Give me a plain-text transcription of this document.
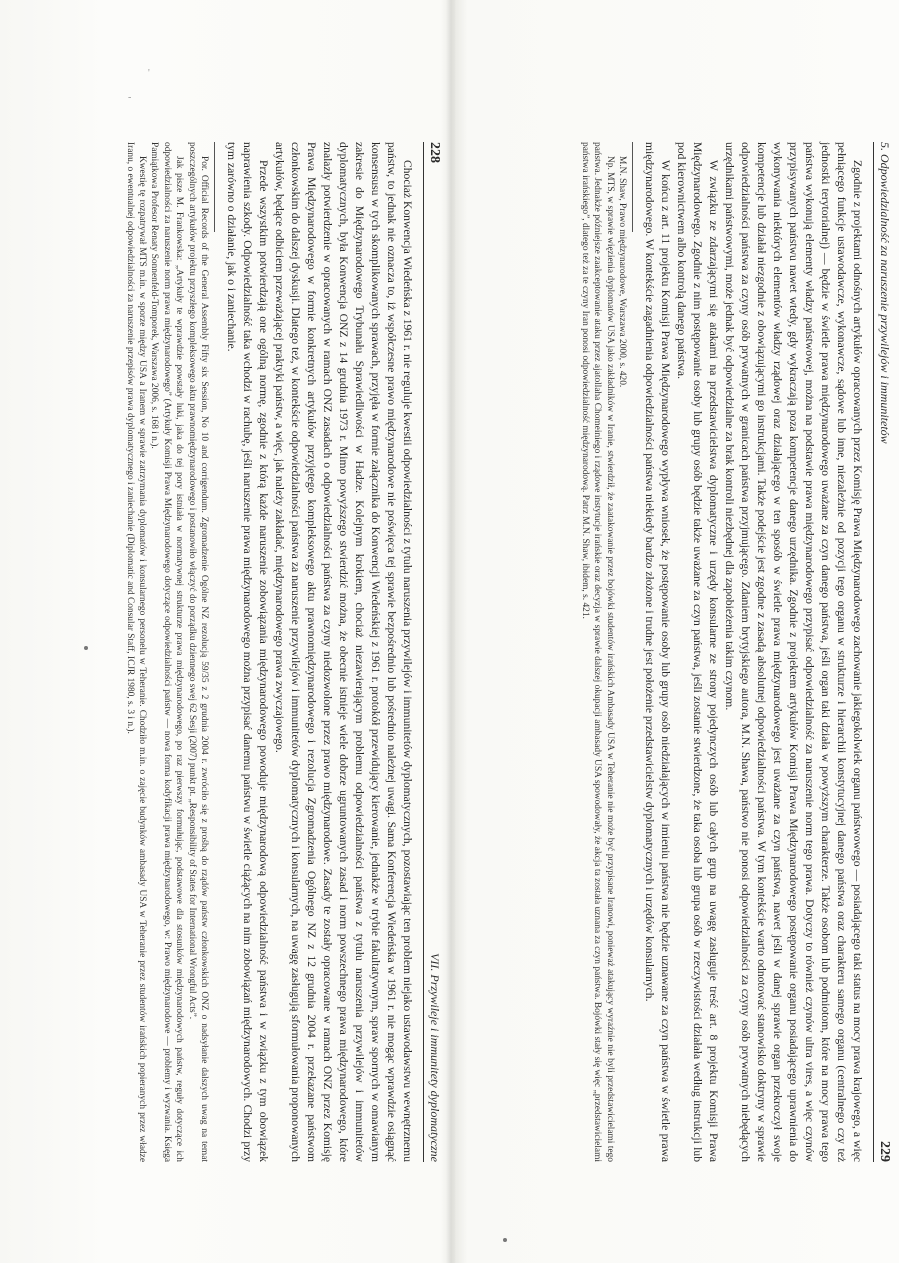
228
VII. Przywileje i immunitety dyplomatyczne

Chociaż Konwencja Wiedeńska z 1961 r. nie reguluje kwestii odpowiedzialności z tytułu naruszenia przywilejów i immunitetów dyplomatycznych, pozostawiając ten problem niejako ustawodawstwu wewnętrznemu państw, to jednak nie oznacza to, iż współczesne prawo międzynarodowe nie poświęca tej sprawie bezpośrednio lub pośrednio należnej uwagi. Sama Konferencja Wiedeńska w 1961 r. nie mogąc wprawdzie osiągnąć konsensusu w tych skomplikowanych sprawach, przyjęła w formie załącznika do Konwencji Wiedeńskiej z 1961 r. protokół przewidujący kierowanie, jednakże w trybie fakultatywnym, spraw spornych w omawianym zakresie do Międzynarodowego Trybunału Sprawiedliwości w Hadze. Kolejnym krokiem, chociaż niezawierającym problemu odpowiedzialności państwa z tytułu naruszenia przywilejów i immunitetów dyplomatycznych, była Konwencja ONZ z 14 grudnia 1973 r. Mimo powyższego stwierdzić można, że obecnie istnieje wiele dobrze ugruntowanych zasad i norm powszechnego prawa międzynarodowego, które znalazły potwierdzenie w opracowanych w ramach ONZ zasadach o odpowiedzialności państwa za czyny niedozwolone przez prawo międzynarodowe. Zasady te zostały opracowane w ramach ONZ przez Komisję Prawa Międzynarodowego w formie konkretnych artykułów przyjętego kompleksowego aktu prawnomiędzynarodowego i rezolucja Zgromadzenia Ogólnego NZ z 12 grudnia 2004 r. przekazane państwom członkowskim do dalszej dyskusji. Dlatego też, w kontekście odpowiedzialności państwa za naruszenie przywilejów i immunitetów dyplomatycznych i konsularnych, na uwagę zasługują sformułowania proponowanych artykułów, będące odbiciem przeważającej praktyki państw, a więc, jak należy zakładać, międzynarodowego prawa zwyczajowego.

Przede wszystkim potwierdzają one ogólną normę, zgodnie z którą każde naruszenie zobowiązania międzynarodowego powoduje międzynarodową odpowiedzialność państwa i w związku z tym obowiązek naprawienia szkody. Odpowiedzialność taka wchodzi w rachubę, jeśli naruszenie prawa międzynarodowego można przypisać danemu państwu w świetle ciążących na nim zobowiązań międzynarodowych. Chodzi przy tym zarówno o działanie, jak o i zaniechanie.

Por. Official Records of the General Assembly Fifty six Session, No 10 and corrigendum. Zgromadzenie Ogólne NZ rezolucją 59/35 z 2 grudnia 2004 r. zwróciło się z prośbą do rządów państw członkowskich ONZ o nadsyłanie dalszych uwag na temat poszczególnych artykułów projektu przyszłego kompleksowego aktu prawnomiędzynarodowego i postanowiło włączyć do porządku dziennego swej 62 Sesji (2007) punkt pt. „Responsibility of States for International Wrongful Acts”.

Jak pisze M. Frankowska: „Artykuły te wprawdzie powstały luki, jaka do tej pory istniała w normatywnej strukturze prawa międzynarodowego, po raz pierwszy formułując, podstawowe dla stosunków międzynarodowych państw, reguły dotyczące ich odpowiedzialności za naruszenie norm prawa międzynarodowego” (Artykuły Komisji Prawa Międzynarodowego dotyczące odpowiedzialności państw — nowa forma kodyfikacji prawa międzynarodowego, w: Prawo międzynarodowe — problemy i wyzwania. Księga Pamiątkowa Profesor Renaty Sonnenfeld-Tomporek, Warszawa 2006, s. 168 i n.).

Kwestię tę rozpatrywał MTS m.in. w sporze między USA a Iranem w sprawie zatrzymania dyplomatów i konsularnego personelu w Teheranie. Chodziło m.in. o zajęcie budynków ambasady USA w Teheranie przez studentów irańskich popieranych przez władze Iranu, o ewentualnej odpowiedzialności za naruszenie przepisów prawa dyplomatycznego i zaniechanie (Diplomatic and Consular Staff, ICJR 1980, s. 3 i n.).	5. Odpowiedzialność za naruszenie przywilejów i immunitetów
229

Zgodnie z projektami odnośnych artykułów opracowanych przez Komisję Prawa Międzynarodowego zachowanie jakiegokolwiek organu państwowego — posiadającego taki status na mocy prawa krajowego, a więc pełniącego funkcje ustawodawcze, wykonawcze, sądowe lub inne, niezależnie od pozycji tego organu w strukturze i hierarchii konstytucyjnej danego państwa oraz charakteru samego organu (centralnego czy też jednostki terytorialnej) — będzie w świetle prawa międzynarodowego uważane za czyn danego państwa, jeśli organ taki działa w powyższym charakterze. Także osobom lub podmiotom, które na mocy prawa tego państwa wykonują elementy władzy państwowej, można na podstawie prawa międzynarodowego przypisać odpowiedzialność za naruszenie norm tego prawa. Dotyczy to również czynów ultra vires, a więc czynów przypisywanych państwu nawet wtedy, gdy wykraczają poza kompetencje danego urzędnika. Zgodnie z projektem artykułów Komisji Prawa Międzynarodowego postępowanie organu posiadającego uprawnienia do wykonywania niektórych elementów władzy rządowej oraz działającego w ten sposób w świetle prawa międzynarodowego jest uważane za czyn państwa, nawet jeśli w danej sprawie organ przekroczył swoje kompetencje lub działał niezgodnie z obowiązującymi go instrukcjami. Także podejście jest zgodne z zasadą absolutnej odpowiedzialności państwa. W tym kontekście warto odnotować stanowisko doktryny w sprawie odpowiedzialności państwa za czyny osób prywatnych w granicach państwa przyjmującego. Zdaniem brytyjskiego autora, M.N. Shawa, państwo nie ponosi odpowiedzialności za czyny osób prywatnych niebędących urzędnikami państwowymi, może jednak być odpowiedzialne za brak kontroli niezbędnej dla zapobieżenia takim czynom.

W związku ze zdarzającymi się atakami na przedstawicielstwa dyplomatyczne i urzędy konsularne ze strony pojedynczych osób lub całych grup na uwagę zasługuje treść art. 8 projektu Komisji Prawa Międzynarodowego. Zgodnie z nim postępowanie osoby lub grupy osób będzie także uważane za czyn państwa, jeśli zostanie stwierdzone, że taka osoba lub grupa osób w rzeczywistości działała według instrukcji lub pod kierownictwem albo kontrolą danego państwa.

W końcu z art. 11 projektu Komisji Prawa Międzynarodowego wypływa wniosek, że postępowanie osoby lub grupy osób niedziałających w imieniu państwa nie będzie uznawane za czyn państwa w świetle prawa międzynarodowego. W kontekście zagadnienia odpowiedzialności państwa niekiedy bardzo złożone i trudne jest położenie przedstawicielstw dyplomatycznych i urzędów konsularnych.

M.N. Shaw, Prawo międzynarodowe, Warszawa 2000, s. 420.

Np. MTS, w sprawie więzienia dyplomatów USA jako zakładników w Iranie, stwierdził, że zaatakowanie przez bojówki studentów irańskich Ambasady USA w Teheranie nie może być przypisane Iranowi, ponieważ atakujący wyraźnie nie byli przedstawicielami tego państwa. Jednakże późniejsze zaakceptowanie ataku przez ajatollaha Chomeiniego i rządowe instytucje irańskie oraz decyzja w sprawie dalszej okupacji ambasady USA spowodowały, że akcja ta została uznana za czyn państwa. Bojówki stały się więc „przedstawicielami państwa irańskiego”, dlatego też za te czyny Iran ponosi odpowiedzialność międzynarodową. Patrz M.N. Shaw, ibidem, s. 421.

'
-
